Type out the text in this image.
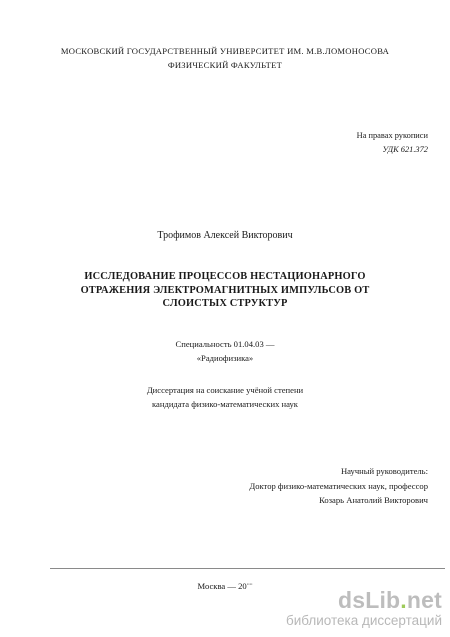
МОСКОВСКИЙ ГОСУДАРСТВЕННЫЙ УНИВЕРСИТЕТ ИМ. М.В.ЛОМОНОСОВА
ФИЗИЧЕСКИЙ ФАКУЛЬТЕТ
На правах рукописи
УДК 621.372
Трофимов Алексей Викторович
ИССЛЕДОВАНИЕ ПРОЦЕССОВ НЕСТАЦИОНАРНОГО
ОТРАЖЕНИЯ ЭЛЕКТРОМАГНИТНЫХ ИМПУЛЬСОВ ОТ
СЛОИСТЫХ СТРУКТУР
Специальность 01.04.03 —
«Радиофизика»
Диссертация на соискание учёной степени
кандидата физико-математических наук
Научный руководитель:
Доктор физико-математических наук, профессор
Козарь Анатолий Викторович
Москва — 20¨¨
dsLib.net
библиотека диссертаций
